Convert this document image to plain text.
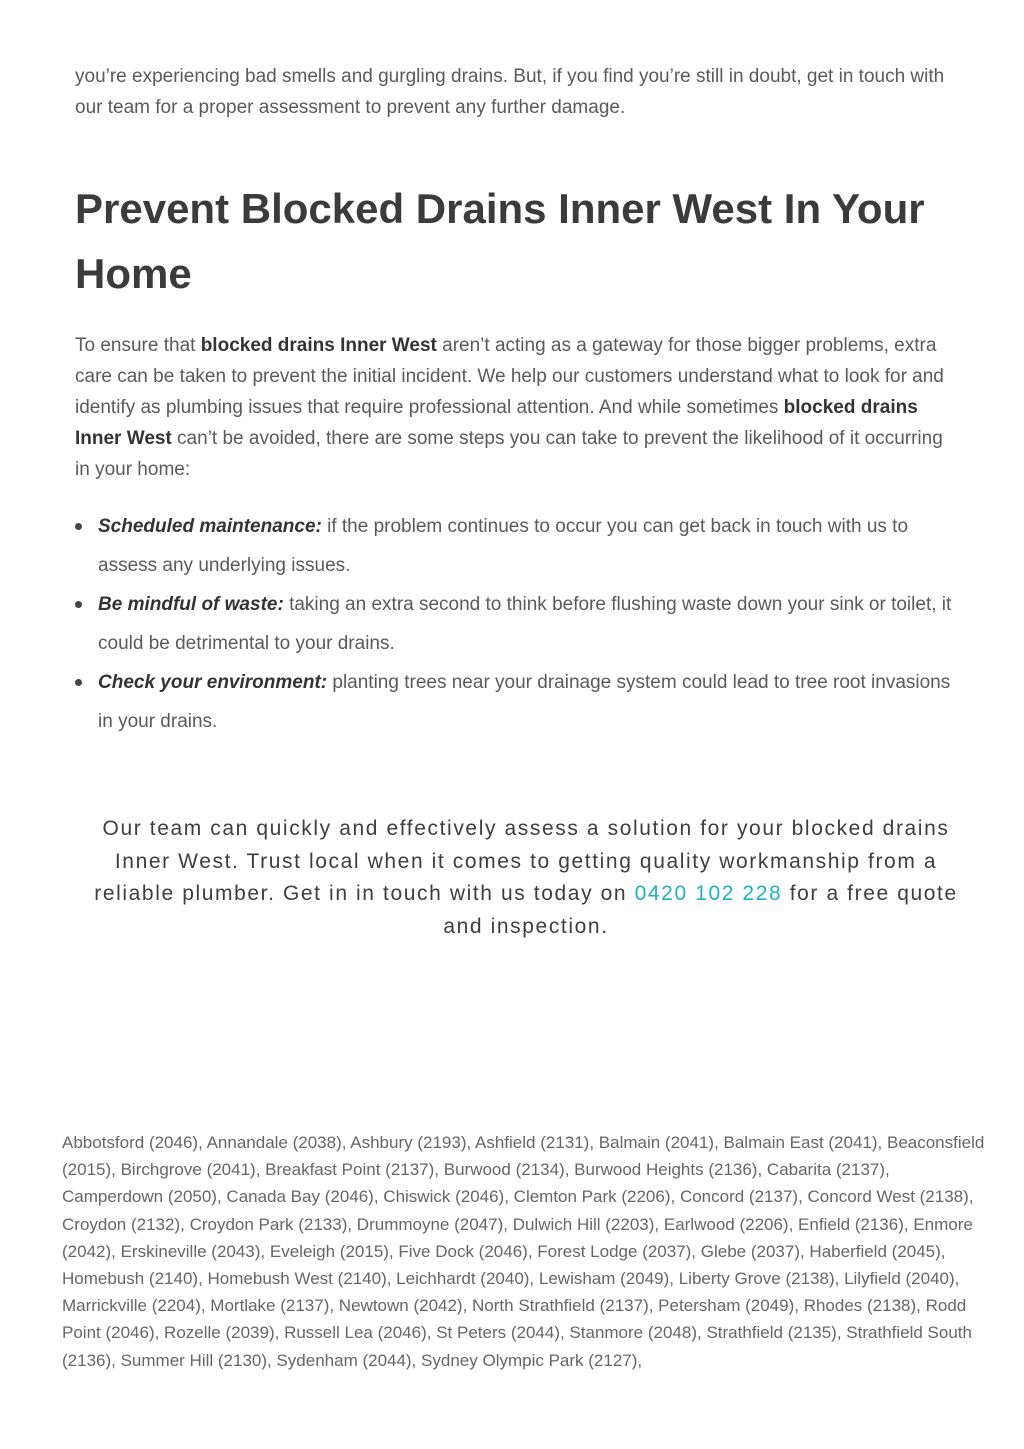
you’re experiencing bad smells and gurgling drains. But, if you find you’re still in doubt, get in touch with our team for a proper assessment to prevent any further damage.

Prevent Blocked Drains Inner West In Your Home

To ensure that blocked drains Inner West aren’t acting as a gateway for those bigger problems, extra care can be taken to prevent the initial incident. We help our customers understand what to look for and identify as plumbing issues that require professional attention. And while sometimes blocked drains Inner West can’t be avoided, there are some steps you can take to prevent the likelihood of it occurring in your home:

Scheduled maintenance: if the problem continues to occur you can get back in touch with us to assess any underlying issues.
Be mindful of waste: taking an extra second to think before flushing waste down your sink or toilet, it could be detrimental to your drains.
Check your environment: planting trees near your drainage system could lead to tree root invasions in your drains.

Our team can quickly and effectively assess a solution for your blocked drains Inner West. Trust local when it comes to getting quality workmanship from a reliable plumber. Get in in touch with us today on 0420 102 228 for a free quote and inspection.

Abbotsford (2046), Annandale (2038), Ashbury (2193), Ashfield (2131), Balmain (2041), Balmain East (2041), Beaconsfield (2015), Birchgrove (2041), Breakfast Point (2137), Burwood (2134), Burwood Heights (2136), Cabarita (2137), Camperdown (2050), Canada Bay (2046), Chiswick (2046), Clemton Park (2206), Concord (2137), Concord West (2138), Croydon (2132), Croydon Park (2133), Drummoyne (2047), Dulwich Hill (2203), Earlwood (2206), Enfield (2136), Enmore (2042), Erskineville (2043), Eveleigh (2015), Five Dock (2046), Forest Lodge (2037), Glebe (2037), Haberfield (2045), Homebush (2140), Homebush West (2140), Leichhardt (2040), Lewisham (2049), Liberty Grove (2138), Lilyfield (2040), Marrickville (2204), Mortlake (2137), Newtown (2042), North Strathfield (2137), Petersham (2049), Rhodes (2138), Rodd Point (2046), Rozelle (2039), Russell Lea (2046), St Peters (2044), Stanmore (2048), Strathfield (2135), Strathfield South (2136), Summer Hill (2130), Sydenham (2044), Sydney Olympic Park (2127),
